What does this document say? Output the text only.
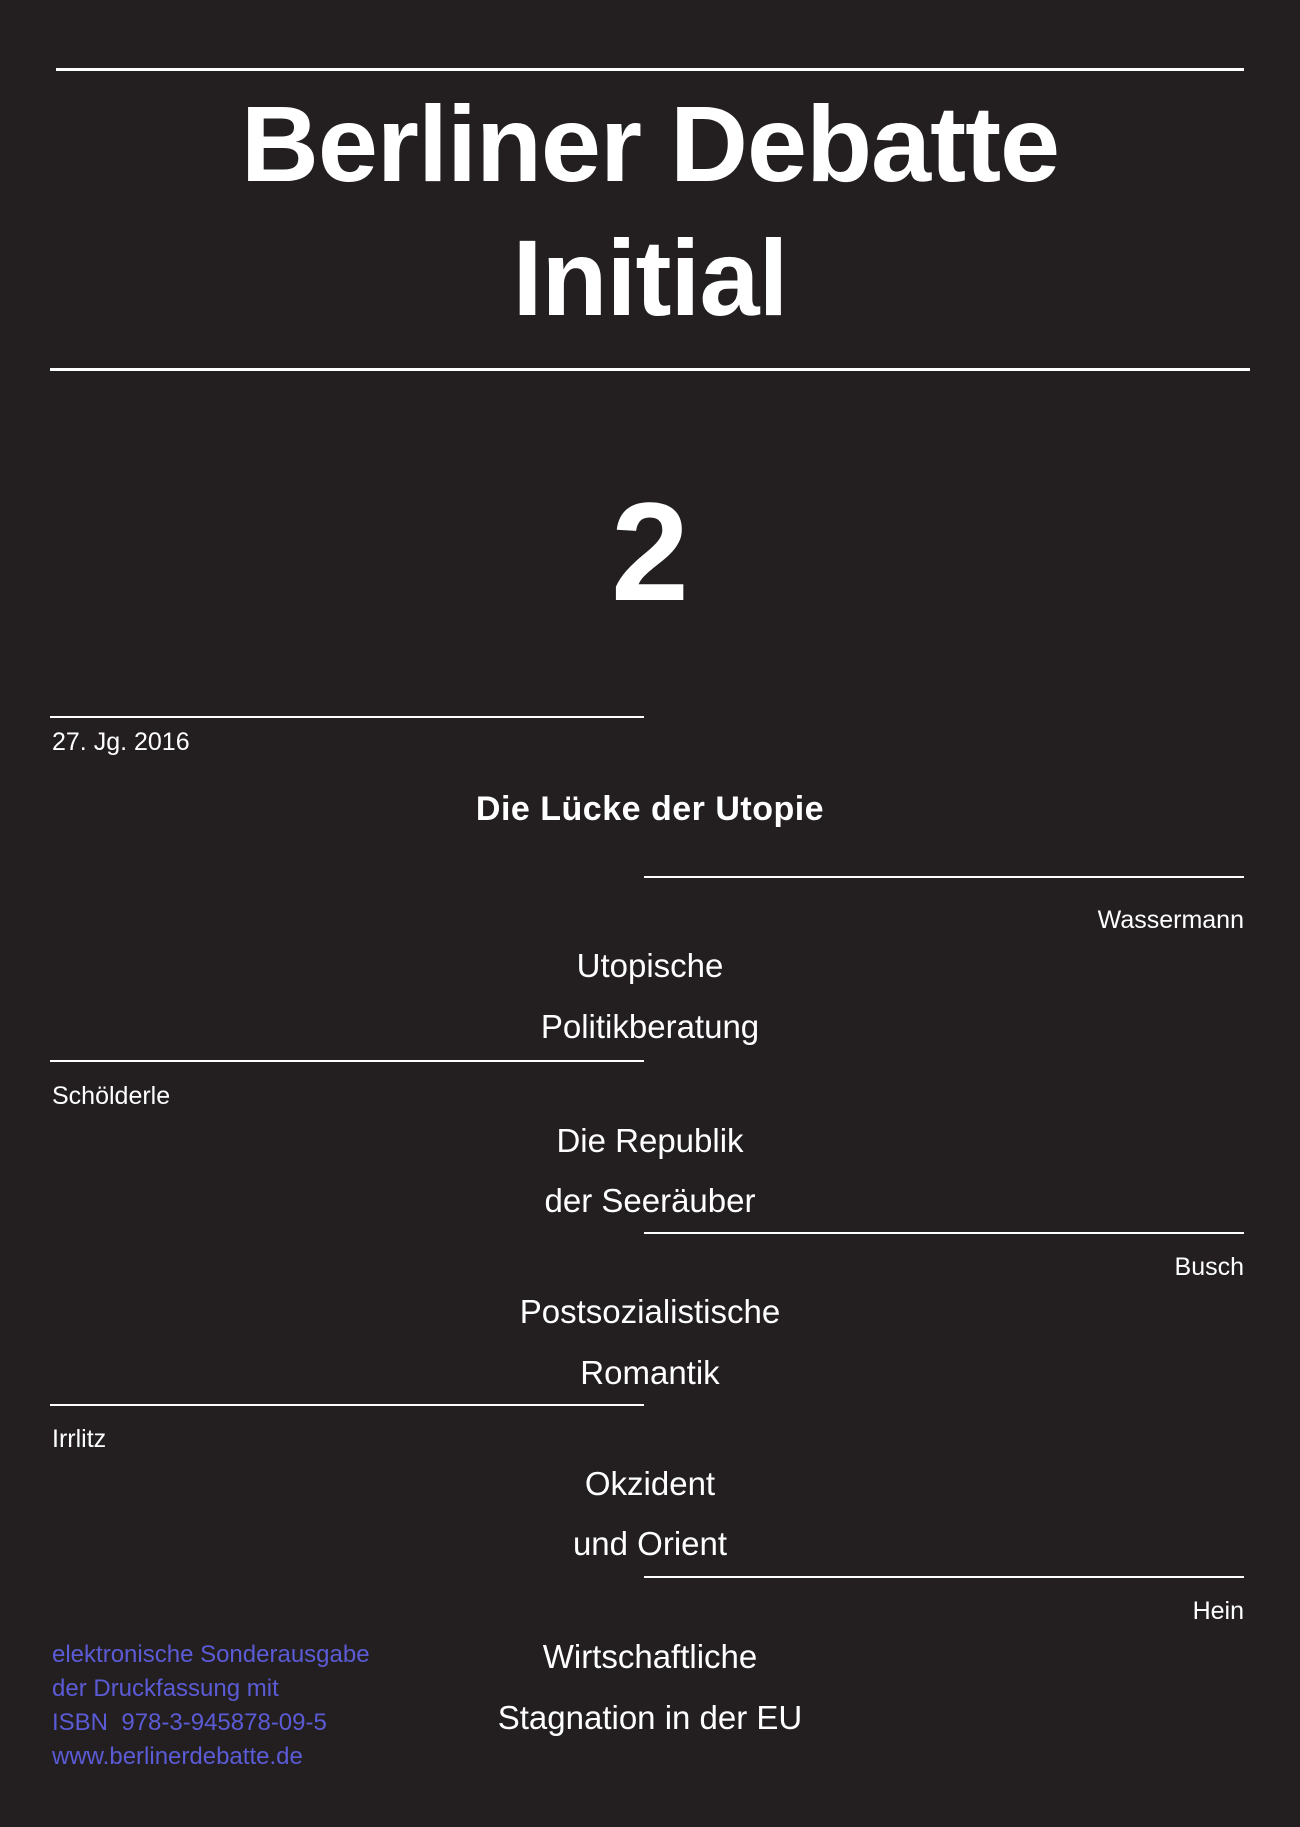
Berliner Debatte
Initial
2
27. Jg. 2016
Die Lücke der Utopie
Wassermann
Utopische
Politikberatung
Schölderle
Die Republik
der Seeräuber
Busch
Postsozialistische
Romantik
Irrlitz
Okzident
und Orient
Hein
Wirtschaftliche
Stagnation in der EU
elektronische Sonderausgabe
der Druckfassung mit
ISBN  978-3-945878-09-5
www.berlinerdebatte.de
